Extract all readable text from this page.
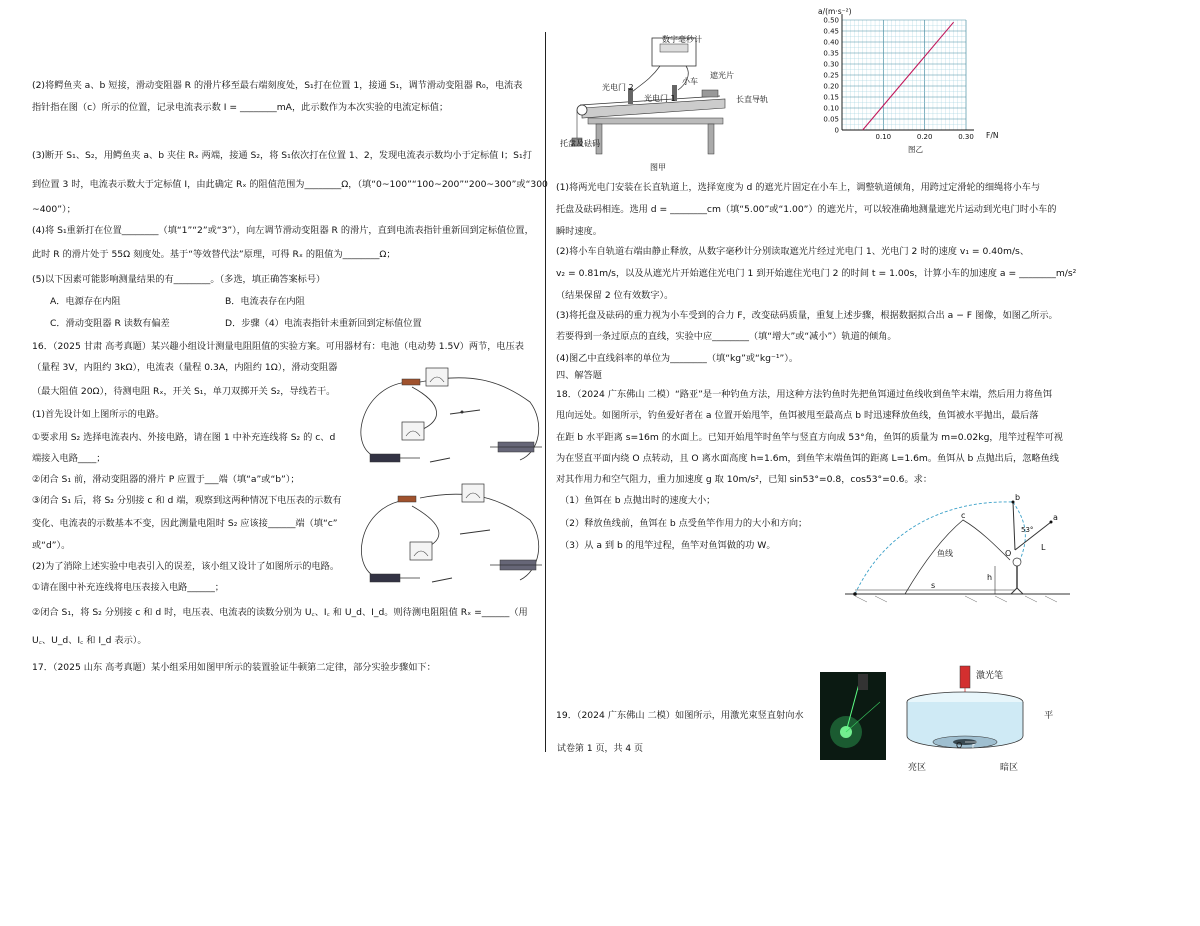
(2)将鳄鱼夹 a、b 短接，滑动变阻器 R 的滑片移至最右端刻度处，S₁打在位置 1，接通 S₁，调节滑动变阻器 R₀，电流表
指针指在图（c）所示的位置，记录电流表示数 I = ________mA，此示数作为本次实验的电流定标值；
(3)断开 S₁、S₂，用鳄鱼夹 a、b 夹住 Rₓ 两端，接通 S₂，将 S₁依次打在位置 1、2，发现电流表示数均小于定标值 I；S₁打
到位置 3 时，电流表示数大于定标值 I，由此确定 Rₓ 的阻值范围为________Ω，（填“0~100”“100~200”“200~300”或“300
~400”）；
(4)将 S₁重新打在位置________（填“1”“2”或“3”），向左调节滑动变阻器 R 的滑片，直到电流表指针重新回到定标值位置，
此时 R 的滑片处于 55Ω 刻度处。基于“等效替代法”原理，可得 Rₓ 的阻值为________Ω；
(5)以下因素可能影响测量结果的有________。（多选，填正确答案标号）
A．电源存在内阻	B．电流表存在内阻
C．滑动变阻器 R 读数有偏差	D．步骤（4）电流表指针未重新回到定标值位置
16．（2025 甘肃 高考真题）某兴趣小组设计测量电阻阻值的实验方案。可用器材有：电池（电动势 1.5V）两节，电压表
（量程 3V，内阻约 3kΩ），电流表（量程 0.3A，内阻约 1Ω），滑动变阻器
（最大阻值 20Ω），待测电阻 Rₓ，开关 S₁，单刀双掷开关 S₂，导线若干。
(1)首先设计如上图所示的电路。
①要求用 S₂ 选择电流表内、外接电路，请在图 1 中补充连线将 S₂ 的 c、d
端接入电路____；
②闭合 S₁ 前，滑动变阻器的滑片 P 应置于___端（填“a”或“b”）；
③闭合 S₁ 后，将 S₂ 分别接 c 和 d 端，观察到这两种情况下电压表的示数有
变化、电流表的示数基本不变，因此测量电阻时 S₂ 应该接______端（填“c”
或“d”）。
(2)为了消除上述实验中电表引入的误差，该小组又设计了如图所示的电路。
①请在图中补充连线将电压表接入电路______；
②闭合 S₁，将 S₂ 分别接 c 和 d 时，电压表、电流表的读数分别为 U꜀、I꜀ 和 U_d、I_d。则待测电阻阻值 Rₓ =______（用
U꜀、U_d、I꜀ 和 I_d 表示）。
17．（2025 山东 高考真题）某小组采用如图甲所示的装置验证牛顿第二定律，部分实验步骤如下：
数字毫秒计
光电门 2
光电门 1
小车
遮光片
长直导轨
托盘及砝码
图甲
0
0.05
0.10
0.15
0.20
0.25
0.30
0.35
0.40
0.45
0.50
0.10	0.20	0.30
a/(m·s⁻²)
F/N
图乙
(1)将两光电门安装在长直轨道上，选择宽度为 d 的遮光片固定在小车上，调整轨道倾角，用跨过定滑轮的细绳将小车与
托盘及砝码相连。选用 d = ________cm（填“5.00”或“1.00”）的遮光片，可以较准确地测量遮光片运动到光电门时小车的
瞬时速度。
(2)将小车自轨道右端由静止释放，从数字毫秒计分别读取遮光片经过光电门 1、光电门 2 时的速度 v₁ = 0.40m/s、
v₂ = 0.81m/s，以及从遮光片开始遮住光电门 1 到开始遮住光电门 2 的时间 t = 1.00s，计算小车的加速度 a = ________m/s²
（结果保留 2 位有效数字）。
(3)将托盘及砝码的重力视为小车受到的合力 F，改变砝码质量，重复上述步骤，根据数据拟合出 a − F 图像，如图乙所示。
若要得到一条过原点的直线，实验中应________（填“增大”或“减小”）轨道的倾角。
(4)图乙中直线斜率的单位为________（填“kg”或“kg⁻¹”）。
四、解答题
18．（2024 广东佛山 二模）“路亚”是一种钓鱼方法，用这种方法钓鱼时先把鱼饵通过鱼线收到鱼竿末端，然后用力将鱼饵
甩向远处。如图所示，钓鱼爱好者在 a 位置开始甩竿，鱼饵被甩至最高点 b 时迅速释放鱼线，鱼饵被水平抛出，最后落
在距 b 水平距离 s=16m 的水面上。已知开始甩竿时鱼竿与竖直方向成 53°角，鱼饵的质量为 m=0.02kg，甩竿过程竿可视
为在竖直平面内绕 O 点转动，且 O 离水面高度 h=1.6m，到鱼竿末端鱼饵的距离 L=1.6m。鱼饵从 b 点抛出后，忽略鱼线
对其作用力和空气阻力，重力加速度 g 取 10m/s²，已知 sin53°=0.8，cos53°=0.6。求：
（1）鱼饵在 b 点抛出时的速度大小；
（2）释放鱼线前，鱼饵在 b 点受鱼竿作用力的大小和方向；
（3）从 a 到 b 的甩竿过程，鱼竿对鱼饵做的功 W。
b
c	a
53°
O
L
h
s
鱼线
19．（2024 广东佛山 二模）如图所示，用激光束竖直射向水	平
激光笔
O r
亮区	暗区
试卷第 1 页，共 4 页
